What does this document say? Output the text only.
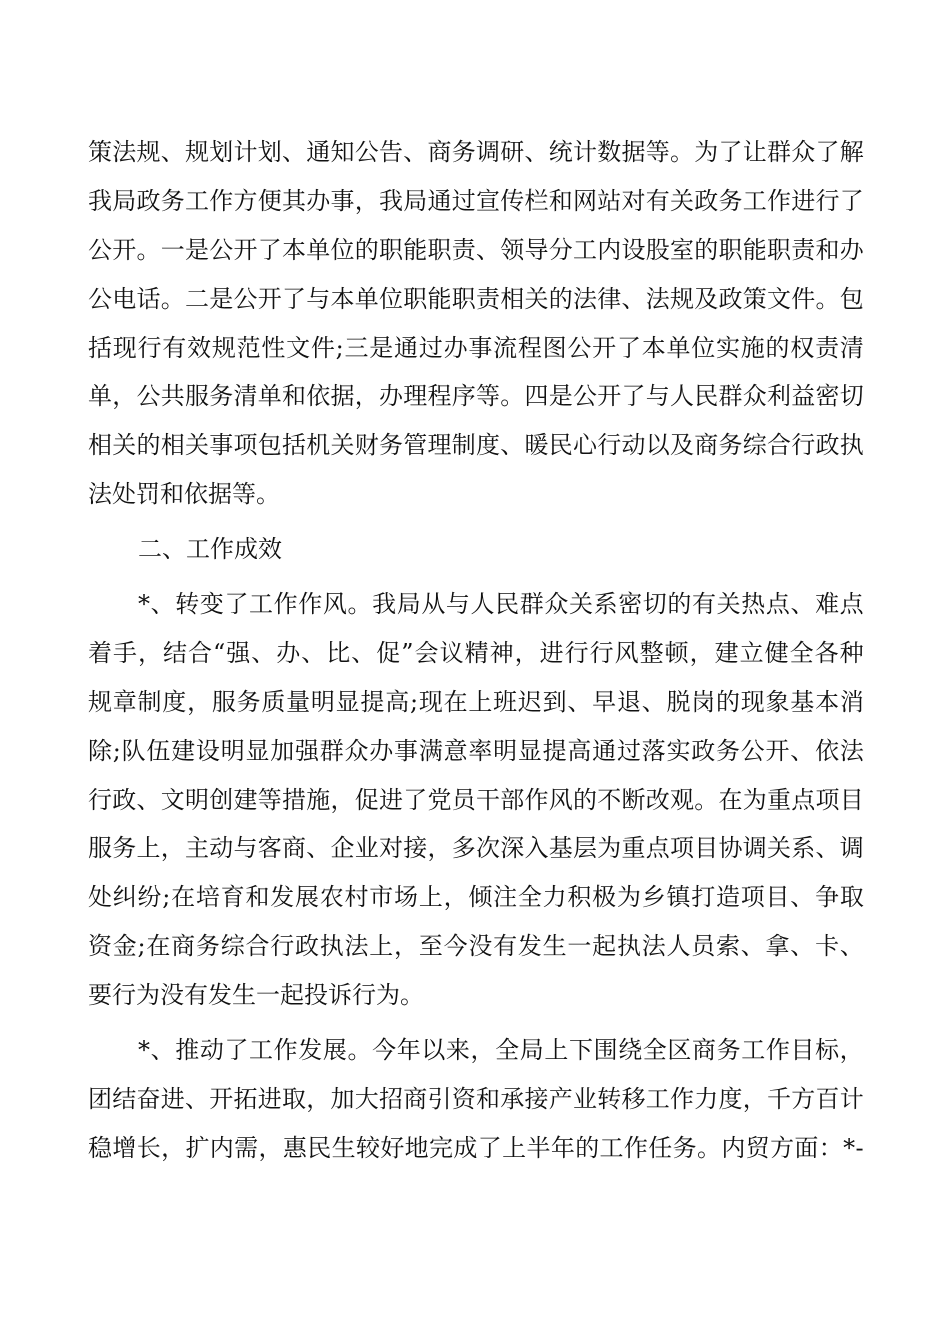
策 法 规 、 规 划 计 划 、 通 知 公 告 、 商 务 调 研 、 统 计 数 据 等 。 为 了 让 群 众 了 解
我 局 政 务 工 作 方 便 其 办 事 ， 我 局 通 过 宣 传 栏 和 网 站 对 有 关 政 务 工 作 进 行 了
公 开 。 一 是 公 开 了 本 单 位 的 职 能 职 责 、 领 导 分 工 内 设 股 室 的 职 能 职 责 和 办
公 电 话 。 二 是 公 开 了 与 本 单 位 职 能 职 责 相 关 的 法 律 、 法 规 及 政 策 文 件 。 包
括 现 行 有 效 规 范 性 文 件 ; 三 是 通 过 办 事 流 程 图 公 开 了 本 单 位 实 施 的 权 责 清
单 ， 公 共 服 务 清 单 和 依 据 ， 办 理 程 序 等 。 四 是 公 开 了 与 人 民 群 众 利 益 密 切
相 关 的 相 关 事 项 包 括 机 关 财 务 管 理 制 度 、 暖 民 心 行 动 以 及 商 务 综 合 行 政 执
法处罚和依据等。
二、工作成效
* 、 转 变 了 工 作 作 风 。 我 局 从 与 人 民 群 众 关 系 密 切 的 有 关 热 点 、 难 点
着 手 ， 结 合 “ 强 、 办 、 比 、 促 ” 会 议 精 神 ， 进 行 行 风 整 顿 ， 建 立 健 全 各 种
规 章 制 度 ， 服 务 质 量 明 显 提 高 ; 现 在 上 班 迟 到 、 早 退 、 脱 岗 的 现 象 基 本 消
除 ; 队 伍 建 设 明 显 加 强 群 众 办 事 满 意 率 明 显 提 高 通 过 落 实 政 务 公 开 、 依 法
行 政 、 文 明 创 建 等 措 施 ， 促 进 了 党 员 干 部 作 风 的 不 断 改 观 。 在 为 重 点 项 目
服 务 上 ， 主 动 与 客 商 、 企 业 对 接 ， 多 次 深 入 基 层 为 重 点 项 目 协 调 关 系 、 调
处 纠 纷 ; 在 培 育 和 发 展 农 村 市 场 上 ， 倾 注 全 力 积 极 为 乡 镇 打 造 项 目 、 争 取
资 金 ; 在 商 务 综 合 行 政 执 法 上 ， 至 今 没 有 发 生 一 起 执 法 人 员 索 、 拿 、 卡 、
要行为没有发生一起投诉行为。
* 、 推 动 了 工 作 发 展 。 今 年 以 来 ， 全 局 上 下 围 绕 全 区 商 务 工 作 目 标 ，
团 结 奋 进 、 开 拓 进 取 ， 加 大 招 商 引 资 和 承 接 产 业 转 移 工 作 力 度 ， 千 方 百 计
稳 增 长 ， 扩 内 需 ， 惠 民 生 较 好 地 完 成 了 上 半 年 的 工 作 任 务 。 内 贸 方 面 ： * -
